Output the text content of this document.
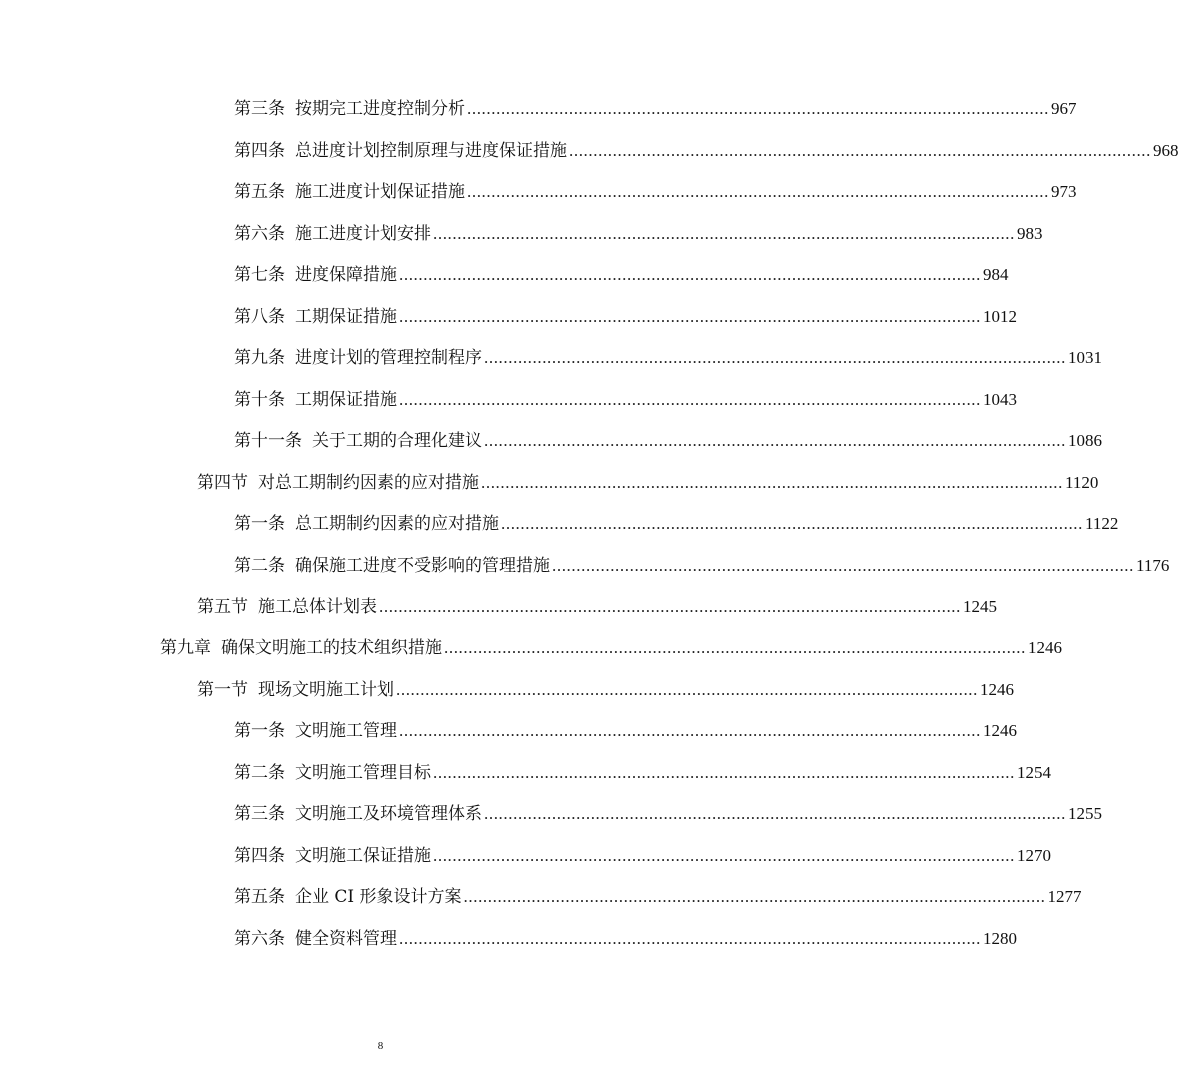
第三条 按期完工进度控制分析 ........................................................................................................................ 967
第四条 总进度计划控制原理与进度保证措施 ........................................................................................................................ 968
第五条 施工进度计划保证措施 ........................................................................................................................ 973
第六条 施工进度计划安排 ........................................................................................................................ 983
第七条 进度保障措施 ........................................................................................................................ 984
第八条 工期保证措施 ........................................................................................................................ 1012
第九条 进度计划的管理控制程序 ........................................................................................................................ 1031
第十条 工期保证措施 ........................................................................................................................ 1043
第十一条 关于工期的合理化建议 ........................................................................................................................ 1086
第四节 对总工期制约因素的应对措施 ........................................................................................................................ 1120
第一条 总工期制约因素的应对措施 ........................................................................................................................ 1122
第二条 确保施工进度不受影响的管理措施 ........................................................................................................................ 1176
第五节 施工总体计划表 ........................................................................................................................ 1245
第九章 确保文明施工的技术组织措施 ........................................................................................................................ 1246
第一节 现场文明施工计划 ........................................................................................................................ 1246
第一条 文明施工管理 ........................................................................................................................ 1246
第二条 文明施工管理目标 ........................................................................................................................ 1254
第三条 文明施工及环境管理体系 ........................................................................................................................ 1255
第四条 文明施工保证措施 ........................................................................................................................ 1270
第五条 企业 CI 形象设计方案 ........................................................................................................................ 1277
第六条 健全资料管理 ........................................................................................................................ 1280
8
